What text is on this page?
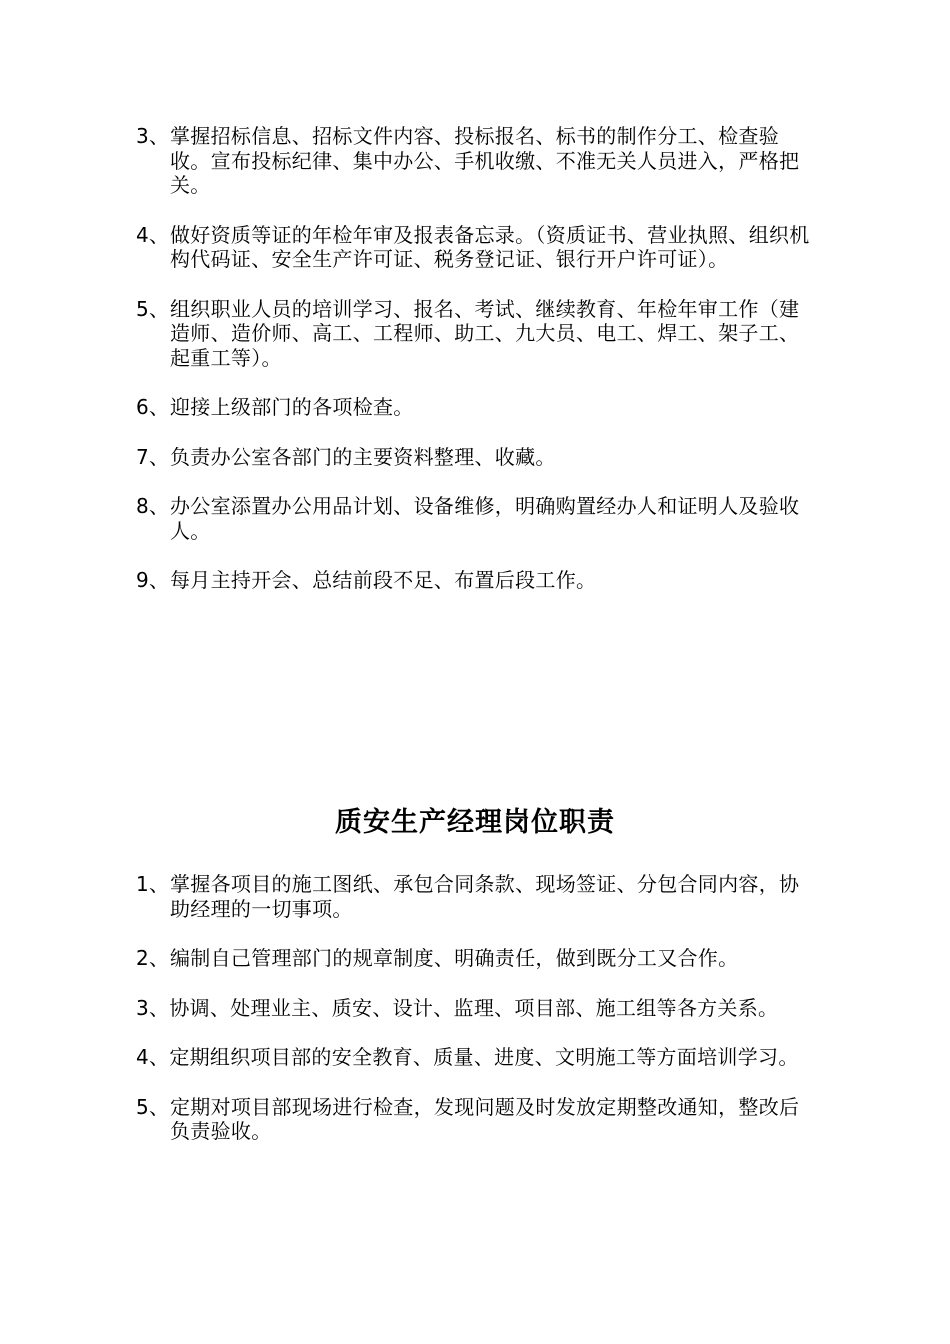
3、 掌握招标信息、招标文件内容、投标报名、标书的制作分工、检查验收。宣布投标纪律、集中办公、手机收缴、不准无关人员进入，严格把关。
4、 做好资质等证的年检年审及报表备忘录。（资质证书、营业执照、组织机构代码证、安全生产许可证、税务登记证、银行开户许可证）。
5、 组织职业人员的培训学习、报名、考试、继续教育、年检年审工作（建造师、造价师、高工、工程师、助工、九大员、电工、焊工、架子工、起重工等）。
6、 迎接上级部门的各项检查。
7、 负责办公室各部门的主要资料整理、收藏。
8、 办公室添置办公用品计划、设备维修，明确购置经办人和证明人及验收人。
9、 每月主持开会、总结前段不足、布置后段工作。
质安生产经理岗位职责
1、 掌握各项目的施工图纸、承包合同条款、现场签证、分包合同内容，协助经理的一切事项。
2、 编制自己管理部门的规章制度、明确责任，做到既分工又合作。
3、协调、处理业主、质安、设计、监理、项目部、施工组等各方关系。
4、定期组织项目部的安全教育、质量、进度、文明施工等方面培训学习。
5、 定期对项目部现场进行检查，发现问题及时发放定期整改通知，整改后负责验收。
